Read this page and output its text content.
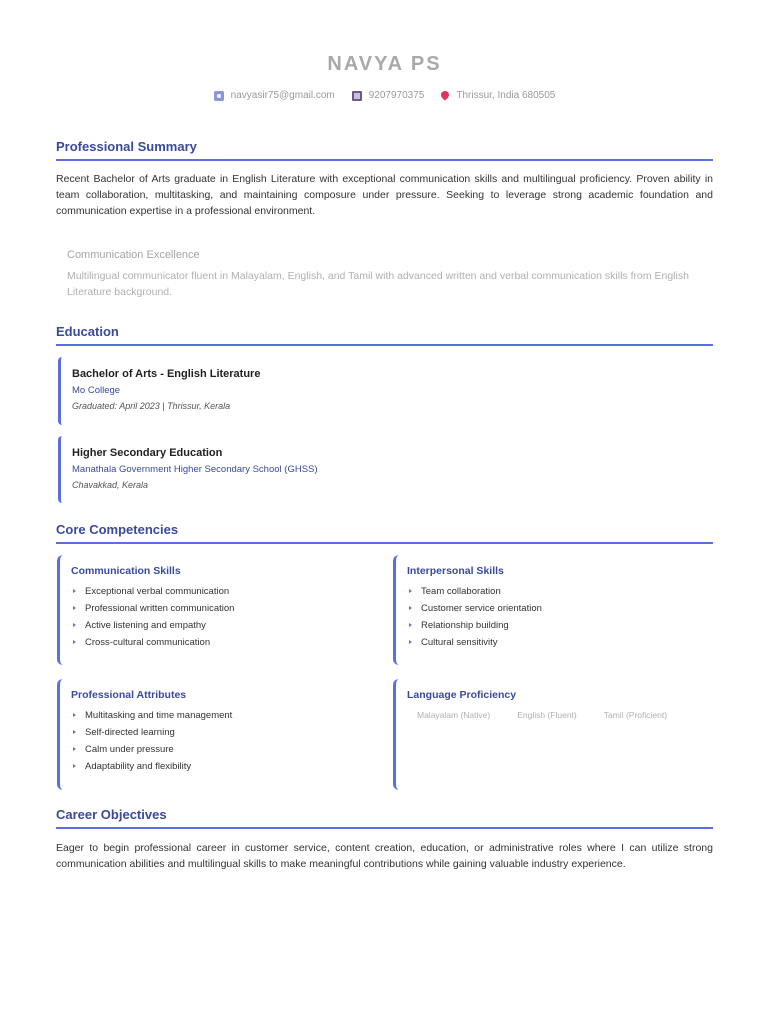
NAVYA PS
navyasir75@gmail.com	9207970375	Thrissur, India 680505
Professional Summary
Recent Bachelor of Arts graduate in English Literature with exceptional communication skills and multilingual proficiency. Proven ability in team collaboration, multitasking, and maintaining composure under pressure. Seeking to leverage strong academic foundation and communication expertise in a professional environment.
Communication Excellence
Multilingual communicator fluent in Malayalam, English, and Tamil with advanced written and verbal communication skills from English Literature background.
Education
Bachelor of Arts - English Literature
Mo College
Graduated: April 2023 | Thrissur, Kerala
Higher Secondary Education
Manathala Government Higher Secondary School (GHSS)
Chavakkad, Kerala
Core Competencies
Communication Skills
Exceptional verbal communication
Professional written communication
Active listening and empathy
Cross-cultural communication
Interpersonal Skills
Team collaboration
Customer service orientation
Relationship building
Cultural sensitivity
Professional Attributes
Multitasking and time management
Self-directed learning
Calm under pressure
Adaptability and flexibility
Language Proficiency
Malayalam (Native)	English (Fluent)	Tamil (Proficient)
Career Objectives
Eager to begin professional career in customer service, content creation, education, or administrative roles where I can utilize strong communication abilities and multilingual skills to make meaningful contributions while gaining valuable industry experience.
